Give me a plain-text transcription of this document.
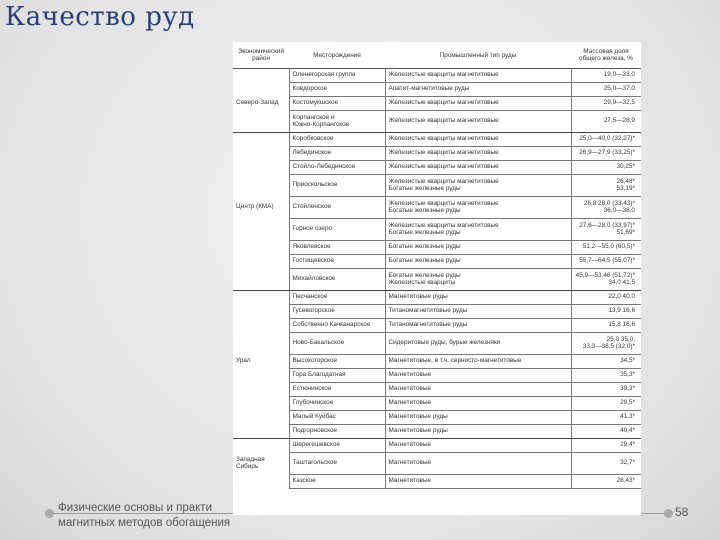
Качество руд
Экономический
район	Месторождение	Промышленный тип руды	Массовая доля
общего железа, %
	Оленегорская группа	Железистые кварциты магнетитовые	19,0—33,0
	Ковдорское	Апатит-магнетитовые руды	25,0—37,0
Северо-Запад	Костомукшское	Железистые кварциты магнетитовые	29,9—32,5
	Корпангское и
Южно-Корпангское	Железистые кварциты магнетитовые	27,5—28,9
	Коробковское	Железистые кварциты магнетитовые	25,0—40,0 (32,27)*
	Лебединское	Железистые кварциты магнетитовые	26,9—27,9 (33,25)*
	Стойло-Лебединское	Железистые кварциты магнетитовые	30,25*
	Приоскольское	Железистые кварциты магнетитовые
Богатые железные руды	26,48*
53,19*
Центр (КМА)	Стойленское	Железистые кварциты магнетитовые
Богатые железные руды	26,8 28,0 (33,43)*
36,0—38,0
	Горное озеро	Железистые кварциты магнетитовые
Богатые железные руды	27,6—28,0 (33,97)*
51,69*
	Яковлевское	Богатые железные руды	51,2—55,0 (60,5)*
	Гостищевское	Богатые железные руды	55,7—64,5 (55,07)*
	Михайловское	Богатые железные руды
Железистые кварциты	45,9—53,46 (51,72)*
34,0 41,5
	Песчанское	Магнетитовые руды	22,0 40,0
	Гусевогорское	Титаномагнетитовые руды	13,9 16,6
	Собственно Качканарское	Титаномагнетитовые руды	15,8 16,6
	Ново-Бакальское	Сидеритовые руды; бурые железняки	25,0 35,0,
33,3—38,5 (32,0)*
Урал	Высокогорское	Магнетитовые, в т.ч. сернисто-магнетитовые	34,5*
	Гора Благодатная	Магнетитовые	35,3*
	Естюнинское	Магнетитовые	39,3*
	Глубочинское	Магнетитовые	29,5*
	Малый Куйбас	Магнетитовые руды	41,3*
	Подгорновское	Магнетитовые руды	40,4*
	Шерегешевское	Магнетитовые	29,4*
Западная
Сибирь	Таштагольское	Магнетитовые	32,7*
	Казское	Магнетитовые	28,43*
Физические основы и практи
магнитных методов обогащения
58
